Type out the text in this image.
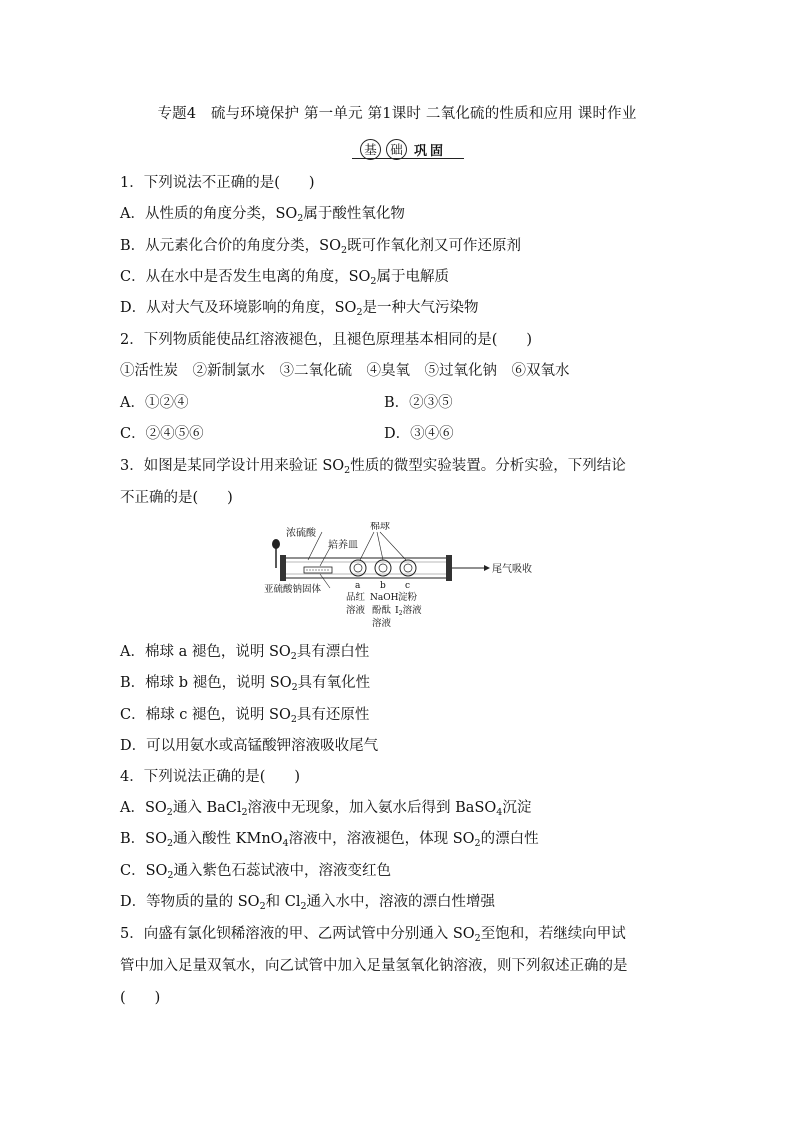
专题4　硫与环境保护 第一单元 第1课时 二氧化硫的性质和应用 课时作业
基	础 巩 固
1．下列说法不正确的是(　　)
A．从性质的角度分类，$SO_2$属于酸性氧化物
B．从元素化合价的角度分类，$SO_2$既可作氧化剂又可作还原剂
C．从在水中是否发生电离的角度，$SO_2$属于电解质
D．从对大气及环境影响的角度，$SO_2$是一种大气污染物
2．下列物质能使品红溶液褪色，且褪色原理基本相同的是(　　)
①活性炭　②新制氯水　③二氧化硫　④臭氧　⑤过氧化钠　⑥双氧水
A．①②④	B．②③⑤
C．②④⑤⑥	D．③④⑥
3．如图是某同学设计用来验证 $SO_2$性质的微型实验装置。分析实验，下列结论
不正确的是(　　)
浓硫酸
培养皿
棉球
尾气吸收
亚硫酸钠固体	a b c
品红
溶液
NaOH
酚酞
溶液
淀粉
$I_2$溶液
A．棉球 a 褪色，说明 $SO_2$具有漂白性
B．棉球 b 褪色，说明 $SO_2$具有氧化性
C．棉球 c 褪色，说明 $SO_2$具有还原性
D．可以用氨水或高锰酸钾溶液吸收尾气
4．下列说法正确的是(　　)
A．$SO_2$通入 BaCl$_2$溶液中无现象，加入氨水后得到 BaSO$_4$沉淀
B．$SO_2$通入酸性 KMnO$_4$溶液中，溶液褪色，体现 $SO_2$的漂白性
C．$SO_2$通入紫色石蕊试液中，溶液变红色
D．等物质的量的 $SO_2$和 $Cl_2$通入水中，溶液的漂白性增强
5．向盛有氯化钡稀溶液的甲、乙两试管中分别通入 $SO_2$至饱和，若继续向甲试
管中加入足量双氧水，向乙试管中加入足量氢氧化钠溶液，则下列叙述正确的是
(　　)
